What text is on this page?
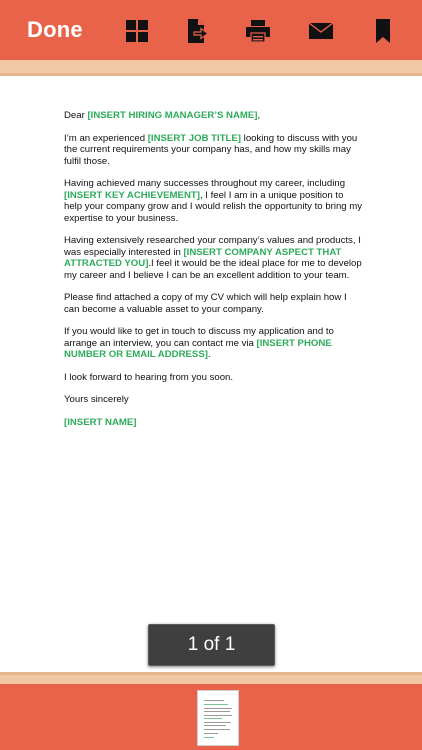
Done

Dear [INSERT HIRING MANAGER’S NAME],

I’m an experienced [INSERT JOB TITLE] looking to discuss with you the current requirements your company has, and how my skills may fulfil those.

Having achieved many successes throughout my career, including [INSERT KEY ACHIEVEMENT], I feel I am in a unique position to help your company grow and I would relish the opportunity to bring my expertise to your business.

Having extensively researched your company’s values and products, I was especially interested in [INSERT COMPANY ASPECT THAT ATTRACTED YOU].I feel it would be the ideal place for me to develop my career and I believe I can be an excellent addition to your team.

Please find attached a copy of my CV which will help explain how I can become a valuable asset to your company.

If you would like to get in touch to discuss my application and to arrange an interview, you can contact me via [INSERT PHONE NUMBER OR EMAIL ADDRESS].

I look forward to hearing from you soon.

Yours sincerely

[INSERT NAME]

1 of 1
